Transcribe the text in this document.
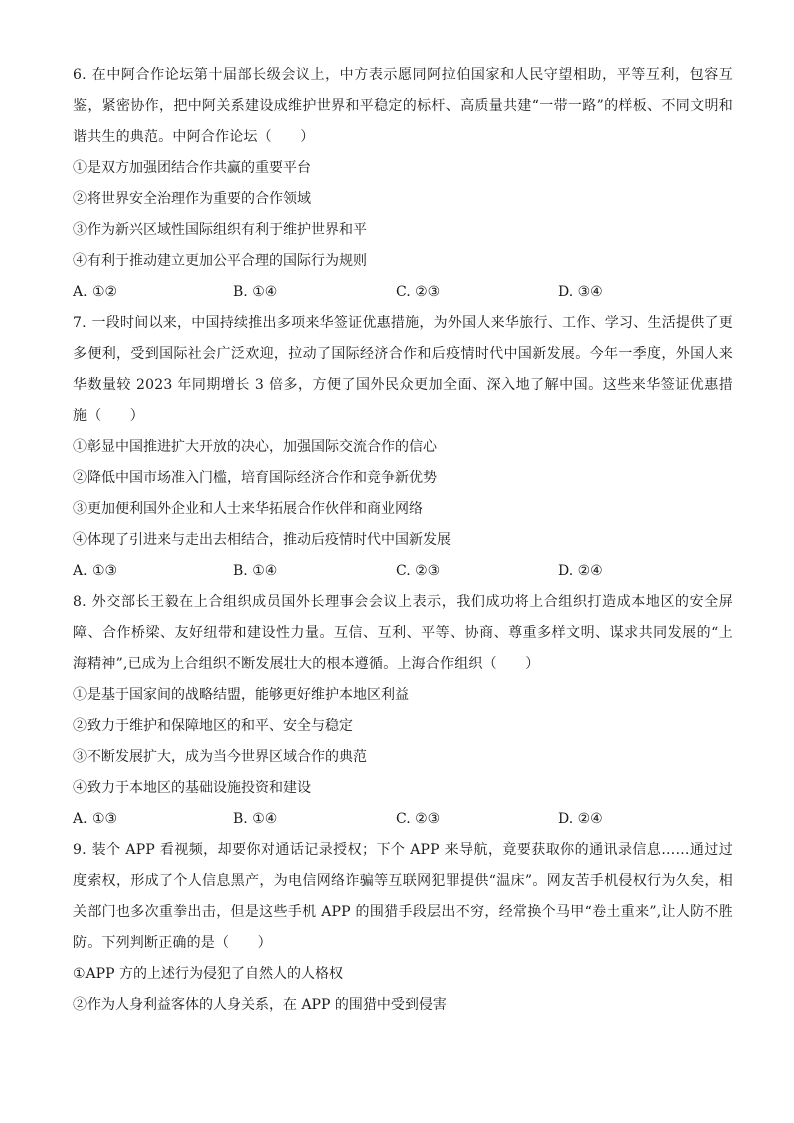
6. 在中阿合作论坛第十届部长级会议上，中方表示愿同阿拉伯国家和人民守望相助，平等互利，包容互鉴，紧密协作，把中阿关系建设成维护世界和平稳定的标杆、高质量共建“一带一路”的样板、不同文明和谐共生的典范。中阿合作论坛（　　）

①是双方加强团结合作共赢的重要平台

②将世界安全治理作为重要的合作领域

③作为新兴区域性国际组织有利于维护世界和平

④有利于推动建立更加公平合理的国际行为规则

A. ①②	B. ①④	C. ②③	D. ③④

7. 一段时间以来，中国持续推出多项来华签证优惠措施，为外国人来华旅行、工作、学习、生活提供了更多便利，受到国际社会广泛欢迎，拉动了国际经济合作和后疫情时代中国新发展。今年一季度，外国人来华数量较 2023 年同期增长 3 倍多，方便了国外民众更加全面、深入地了解中国。这些来华签证优惠措施（　　）

①彰显中国推进扩大开放的决心，加强国际交流合作的信心

②降低中国市场准入门槛，培育国际经济合作和竞争新优势

③更加便利国外企业和人士来华拓展合作伙伴和商业网络

④体现了引进来与走出去相结合，推动后疫情时代中国新发展

A. ①③	B. ①④	C. ②③	D. ②④

8. 外交部长王毅在上合组织成员国外长理事会会议上表示，我们成功将上合组织打造成本地区的安全屏障、合作桥梁、友好纽带和建设性力量。互信、互利、平等、协商、尊重多样文明、谋求共同发展的“上海精神”,已成为上合组织不断发展壮大的根本遵循。上海合作组织（　　）

①是基于国家间的战略结盟，能够更好维护本地区利益

②致力于维护和保障地区的和平、安全与稳定

③不断发展扩大，成为当今世界区域合作的典范

④致力于本地区的基础设施投资和建设

A. ①③	B. ①④	C. ②③	D. ②④

9. 装个 APP 看视频，却要你对通话记录授权；下个 APP 来导航，竟要获取你的通讯录信息……通过过度索权，形成了个人信息黑产，为电信网络诈骗等互联网犯罪提供“温床”。网友苦手机侵权行为久矣，相关部门也多次重拳出击，但是这些手机 APP 的围猎手段层出不穷，经常换个马甲“卷土重来”,让人防不胜防。下列判断正确的是（　　）

①APP 方的上述行为侵犯了自然人的人格权

②作为人身利益客体的人身关系，在 APP 的围猎中受到侵害
